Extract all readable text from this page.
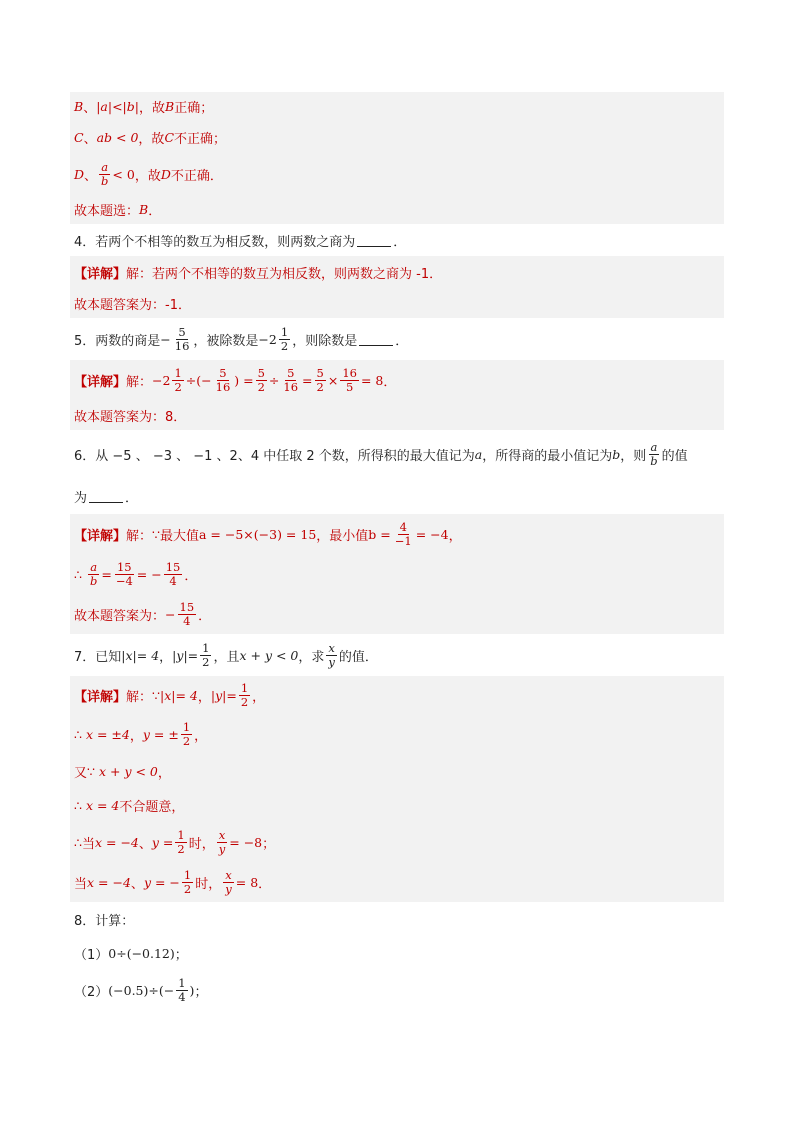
B 、 |a|<|b| ，故 B 正确；
C 、 ab < 0 ，故 C 不正确；
D 、 $\frac{a}{b} < 0$ ，故 D 不正确．
故本题选： B ．
4．若两个不相等的数互为相反数，则两数之商为	．
【详解】 解：若两个不相等的数互为相反数，则两数之商为 -1．
故本题答案为：-1．
5．两数的商是 − $\frac{5}{16}$ ，被除数是 $-2 \frac{1}{2}$ ，则除数是	．
【详解】 解： $-2 \frac{1}{2}$ ÷(− $\frac{5}{16}$ ) = $\frac{5}{2} \div \frac{5}{16} = \frac{5}{2} \times \frac{16}{5} = 8$ ．
故本题答案为：8．
6．从 −5 、 −3 、 −1 、2、4 中任取 2 个数，所得积的最大值记为 a ，所得商的最小值记为 b ，则 $\frac{a}{b}$ 的值
为	．
【详解】 解： ∵ 最大值 a = −5×(−3) = 15 ，最小值 $b = \frac{4}{-1} = -4$ ，
∴ $\frac{a}{b} = \frac{15}{-4}$ = − $\frac{15}{4}$ ．
故本题答案为： − $\frac{15}{4}$ ．
7．已知 |x|= 4 ， $|y|= \frac{1}{2}$ ，且 x + y < 0 ，求 $\frac{x}{y}$ 的值．
【详解】 解： ∵ |x|= 4 ， $|y|= \frac{1}{2}$ ，
∴ x = ±4 ， y = ± $\frac{1}{2}$ ，
又 ∵ x + y < 0 ，
∴ x = 4 不合题意，
∴ 当 x = −4 、 $y = \frac{1}{2}$ 时， $\frac{x}{y} = -8$ ；
当 x = −4 、 y = − $\frac{1}{2}$ 时， $\frac{x}{y} = 8$ ．
8．计算：
（1） 0÷(−0.12) ；
（2） $(-0.5)\div(- \frac{1}{4}$ ) ；
